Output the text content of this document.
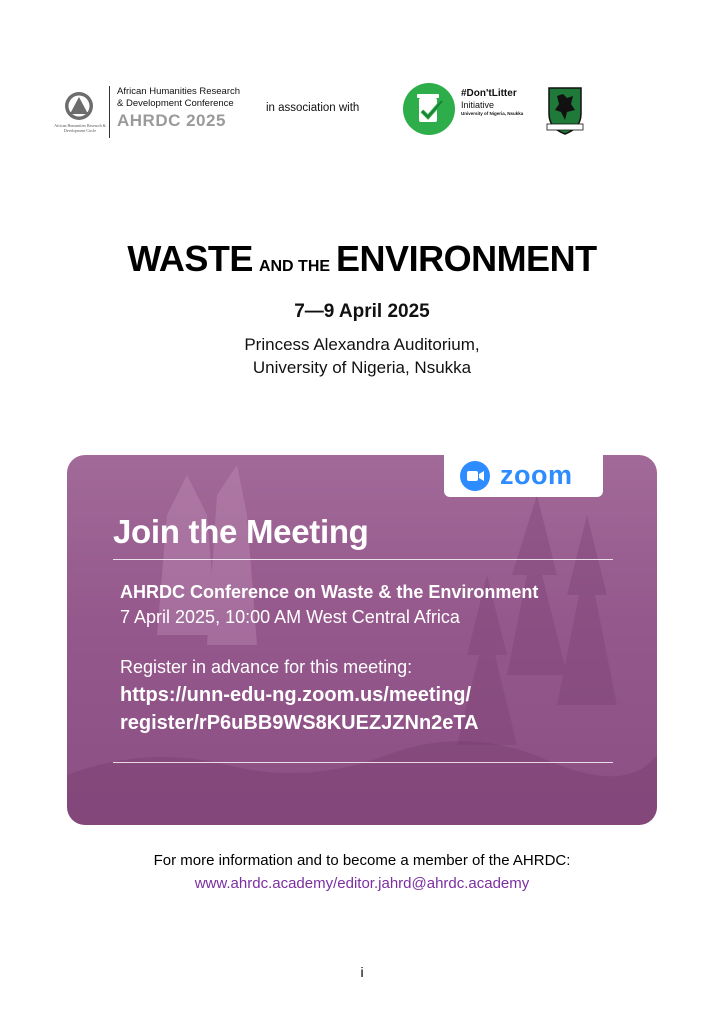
African Humanities Research & Development Circle
African Humanities Research
& Development Conference
AHRDC 2025
in association with
#Don'tLitter
Initiative
University of Nigeria, Nsukka
WASTE AND THE ENVIRONMENT
7—9 April 2025
Princess Alexandra Auditorium,
University of Nigeria, Nsukka
zoom
Join the Meeting
AHRDC Conference on Waste & the Environment
7 April 2025, 10:00 AM West Central Africa
Register in advance for this meeting:
https://unn-edu-ng.zoom.us/meeting/
register/rP6uBB9WS8KUEZJZNn2eTA
For more information and to become a member of the AHRDC:
www.ahrdc.academy/editor.jahrd@ahrdc.academy
i
